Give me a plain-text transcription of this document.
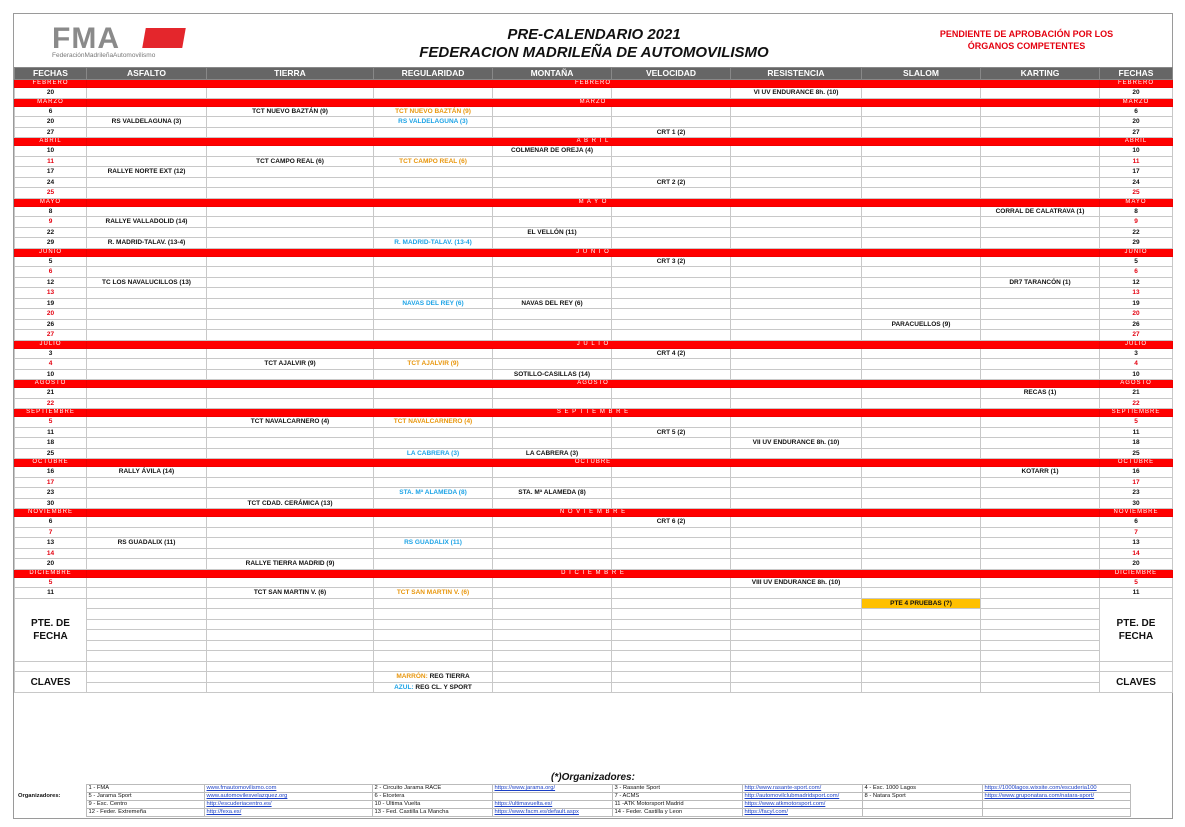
FMA
FederaciónMadrileñaAutomovilismo
PRE-CALENDARIO 2021
FEDERACION MADRILEÑA DE AUTOMOVILISMO
PENDIENTE DE APROBACIÓN POR LOS ÓRGANOS COMPETENTES
FECHAS	ASFALTO	TIERRA	REGULARIDAD	MONTAÑA	VELOCIDAD	RESISTENCIA	SLALOM	KARTING	FECHAS
FEBRERO	FEBRERO								FEBRERO
20						VI UV ENDURANCE 8h. (10)			20
MARZO	MARZO								MARZO
6		TCT NUEVO BAZTÁN (9)	TCT NUEVO BAZTÁN (9)						6
20	RS VALDELAGUNA (3)		RS VALDELAGUNA (3)						20
27					CRT 1 (2)				27
ABRIL	A B R I L								ABRIL
10				COLMENAR DE OREJA (4)					10
11		TCT CAMPO REAL (6)	TCT CAMPO REAL (6)						11
17	RALLYE NORTE EXT (12)								17
24					CRT 2 (2)				24
25									25
MAYO	M A Y O								MAYO
8								CORRAL DE CALATRAVA (1)	8
9	RALLYE VALLADOLID (14)								9
22				EL VELLÓN (11)					22
29	R. MADRID-TALAV. (13-4)		R. MADRID-TALAV. (13-4)						29
JUNIO	J U N I O								JUNIO
5					CRT 3 (2)				5
6									6
12	TC LOS NAVALUCILLOS (13)							DR7 TARANCÓN (1)	12
13									13
19			NAVAS DEL REY (6)	NAVAS DEL REY (6)					19
20									20
26							PARACUELLOS (9)		26
27									27
JULIO	J U L I O								JULIO
3					CRT 4 (2)				3
4		TCT AJALVIR (9)	TCT AJALVIR (9)						4
10				SOTILLO-CASILLAS (14)					10
AGOSTO	AGOSTO								AGOSTO
21								RECAS (1)	21
22									22
SEPTIEMBRE	S E P T I E M B R E								SEPTIEMBRE
5		TCT NAVALCARNERO (4)	TCT NAVALCARNERO (4)						5
11					CRT 5 (2)				11
18						VII UV ENDURANCE 8h. (10)			18
25			LA CABRERA (3)	LA CABRERA (3)					25
OCTUBRE	OCTUBRE								OCTUBRE
16	RALLY ÁVILA (14)							KOTARR (1)	16
17									17
23			STA. Mª ALAMEDA (8)	STA. Mª ALAMEDA (8)					23
30		TCT CDAD. CERÁMICA (13)							30
NOVIEMBRE	N O V I E M B R E								NOVIEMBRE
6					CRT 6 (2)				6
7									7
13	RS GUADALIX (11)		RS GUADALIX (11)						13
14									14
20		RALLYE TIERRA MADRID (9)							20
DICIEMBRE	D I C I E M B R E								DICIEMBRE
5						VIII UV ENDURANCE 8h. (10)			5
11		TCT SAN MARTIN V. (6)	TCT SAN MARTIN V. (6)						11

PTE. DE FECHA							PTE 4 PRUEBAS (?)		PTE. DE FECHA

CLAVES			MARRÓN: REG TIERRA						CLAVES
			AZUL: REG CL. Y SPORT						
(*)Organizadores:
	1 - FMA	www.fmautomovilismo.com	2 - Circuito Jarama RACE	https://www.jarama.org/	3 - Rasante Sport	http://www.rasante-sport.com/	4 - Esc. 1000 Lagos	https://1000lagos.wixsite.com/escuderia100
Organizadores:	5 - Jarama Sport	www.automovilesvelazquez.org	6 - Etcetera		7 - ACMS	http://automovilclubmadridsport.com/	8 - Natara Sport	https://www.gruponatara.com/natara-sport/
	9 - Esc. Centro	http://escuderiacentro.es/	10 - Ultima Vuelta	https://ultimavuelta.es/	11 -ATK Motorsport Madrid	https://www.atkmotorsport.com/		
	12 - Feder. Extremeña	http://fexa.es/	13 - Fed. Castilla La Mancha	https://www.facm.es/default.aspx	14 - Feder. Castilla y Leon	https://facyl.com/		
